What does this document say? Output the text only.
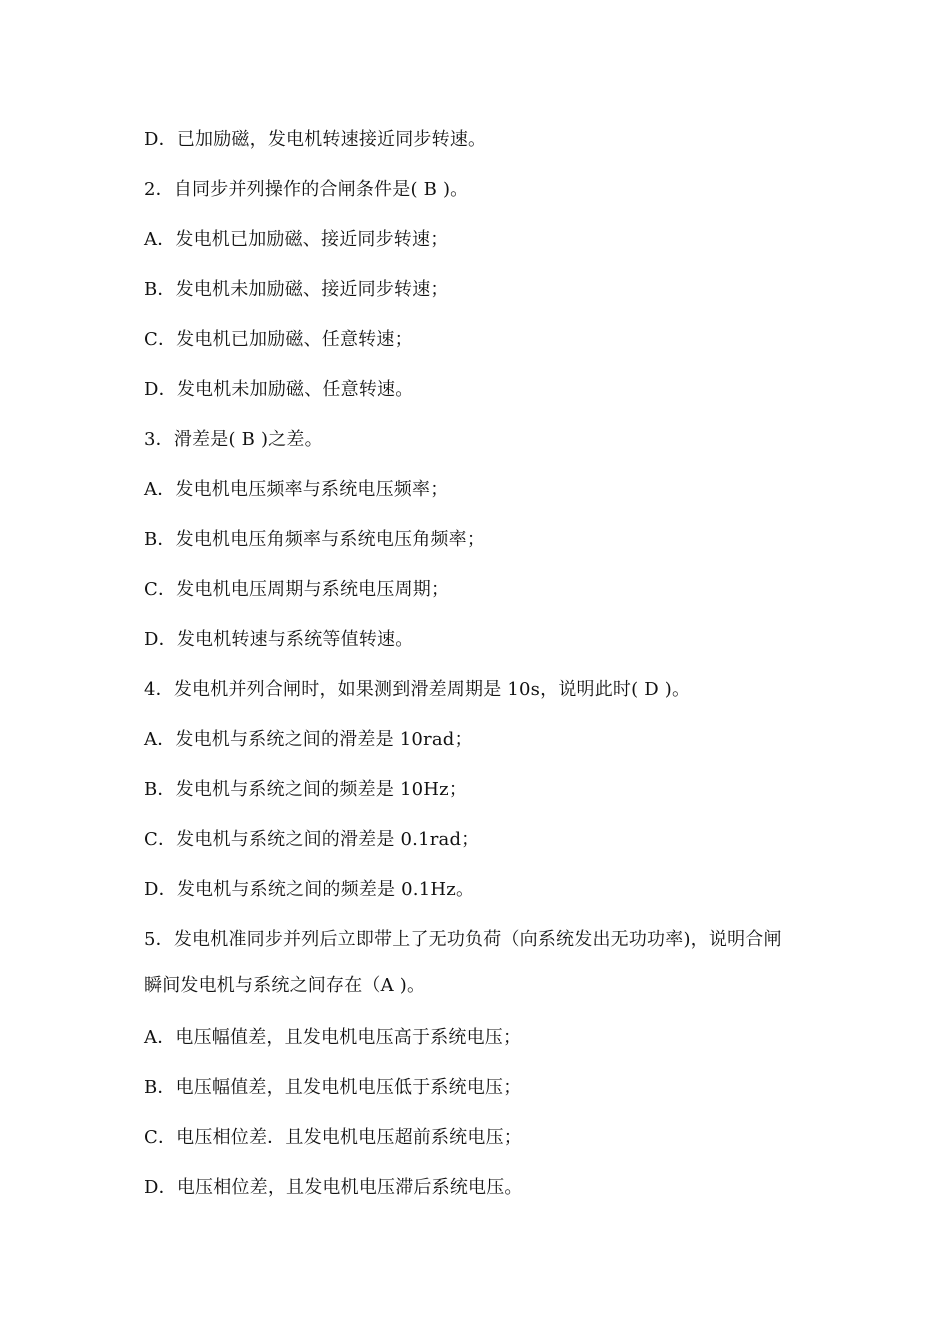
D．已加励磁，发电机转速接近同步转速。
2．自同步并列操作的合闸条件是( B )。
A．发电机已加励磁、接近同步转速；
B．发电机未加励磁、接近同步转速；
C．发电机已加励磁、任意转速；
D．发电机未加励磁、任意转速。
3．滑差是( B )之差。
A．发电机电压频率与系统电压频率；
B．发电机电压角频率与系统电压角频率；
C．发电机电压周期与系统电压周期；
D．发电机转速与系统等值转速。
4．发电机并列合闸时，如果测到滑差周期是 10s，说明此时( D )。
A．发电机与系统之间的滑差是 10rad；
B．发电机与系统之间的频差是 10Hz；
C．发电机与系统之间的滑差是 0.1rad；
D．发电机与系统之间的频差是 0.1Hz。
5．发电机准同步并列后立即带上了无功负荷（向系统发出无功功率)，说明合闸
瞬间发电机与系统之间存在（A )。
A．电压幅值差，且发电机电压高于系统电压；
B．电压幅值差，且发电机电压低于系统电压；
C．电压相位差．且发电机电压超前系统电压；
D．电压相位差，且发电机电压滞后系统电压。
